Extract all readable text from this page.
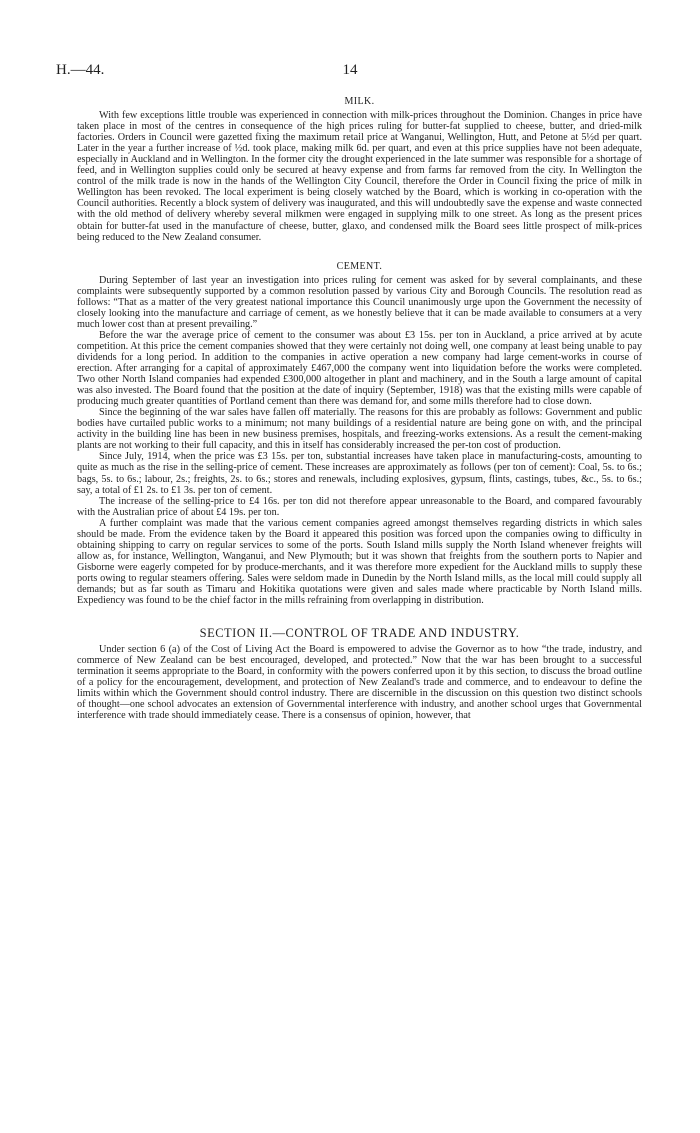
H.—44.	14
MILK.

With few exceptions little trouble was experienced in connection with milk-prices throughout the Dominion. Changes in price have taken place in most of the centres in consequence of the high prices ruling for butter-fat supplied to cheese, butter, and dried-milk factories. Orders in Council were gazetted fixing the maximum retail price at Wanganui, Wellington, Hutt, and Petone at 5½d per quart. Later in the year a further increase of ½d. took place, making milk 6d. per quart, and even at this price supplies have not been adequate, especially in Auckland and in Wellington. In the former city the drought experienced in the late summer was responsible for a shortage of feed, and in Wellington supplies could only be secured at heavy expense and from farms far removed from the city. In Wellington the control of the milk trade is now in the hands of the Wellington City Council, therefore the Order in Council fixing the price of milk in Wellington has been revoked. The local experiment is being closely watched by the Board, which is working in co-operation with the Council authorities. Recently a block system of delivery was inaugurated, and this will undoubtedly save the expense and waste connected with the old method of delivery whereby several milkmen were engaged in supplying milk to one street. As long as the present prices obtain for butter-fat used in the manufacture of cheese, butter, glaxo, and condensed milk the Board sees little prospect of milk-prices being reduced to the New Zealand consumer.

CEMENT.

During September of last year an investigation into prices ruling for cement was asked for by several complainants, and these complaints were subsequently supported by a common resolution passed by various City and Borough Councils. The resolution read as follows: “That as a matter of the very greatest national importance this Council unanimously urge upon the Government the necessity of closely looking into the manufacture and carriage of cement, as we honestly believe that it can be made available to consumers at a very much lower cost than at present prevailing.”

Before the war the average price of cement to the consumer was about £3 15s. per ton in Auckland, a price arrived at by acute competition. At this price the cement companies showed that they were certainly not doing well, one company at least being unable to pay dividends for a long period. In addition to the companies in active operation a new company had large cement-works in course of erection. After arranging for a capital of approximately £467,000 the company went into liquidation before the works were completed. Two other North Island companies had expended £300,000 altogether in plant and machinery, and in the South a large amount of capital was also invested. The Board found that the position at the date of inquiry (September, 1918) was that the existing mills were capable of producing much greater quantities of Portland cement than there was demand for, and some mills therefore had to close down.

Since the beginning of the war sales have fallen off materially. The reasons for this are probably as follows: Government and public bodies have curtailed public works to a minimum; not many buildings of a residential nature are being gone on with, and the principal activity in the building line has been in new business premises, hospitals, and freezing-works extensions. As a result the cement-making plants are not working to their full capacity, and this in itself has considerably increased the per-ton cost of production.

Since July, 1914, when the price was £3 15s. per ton, substantial increases have taken place in manufacturing-costs, amounting to quite as much as the rise in the selling-price of cement. These increases are approximately as follows (per ton of cement): Coal, 5s. to 6s.; bags, 5s. to 6s.; labour, 2s.; freights, 2s. to 6s.; stores and renewals, including explosives, gypsum, flints, castings, tubes, &c., 5s. to 6s.; say, a total of £1 2s. to £1 3s. per ton of cement.

The increase of the selling-price to £4 16s. per ton did not therefore appear unreasonable to the Board, and compared favourably with the Australian price of about £4 19s. per ton.

A further complaint was made that the various cement companies agreed amongst themselves regarding districts in which sales should be made. From the evidence taken by the Board it appeared this position was forced upon the companies owing to difficulty in obtaining shipping to carry on regular services to some of the ports. South Island mills supply the North Island whenever freights will allow as, for instance, Wellington, Wanganui, and New Plymouth; but it was shown that freights from the southern ports to Napier and Gisborne were eagerly competed for by produce-merchants, and it was therefore more expedient for the Auckland mills to supply these ports owing to regular steamers offering. Sales were seldom made in Dunedin by the North Island mills, as the local mill could supply all demands; but as far south as Timaru and Hokitika quotations were given and sales made where practicable by North Island mills. Expediency was found to be the chief factor in the mills refraining from overlapping in distribution.

SECTION II.—CONTROL OF TRADE AND INDUSTRY.

Under section 6 (a) of the Cost of Living Act the Board is empowered to advise the Governor as to how “the trade, industry, and commerce of New Zealand can be best encouraged, developed, and protected.” Now that the war has been brought to a successful termination it seems appropriate to the Board, in conformity with the powers conferred upon it by this section, to discuss the broad outline of a policy for the encouragement, development, and protection of New Zealand's trade and commerce, and to endeavour to define the limits within which the Government should control industry. There are discernible in the discussion on this question two distinct schools of thought—one school advocates an extension of Governmental interference with industry, and another school urges that Governmental interference with trade should immediately cease. There is a consensus of opinion, however, that
